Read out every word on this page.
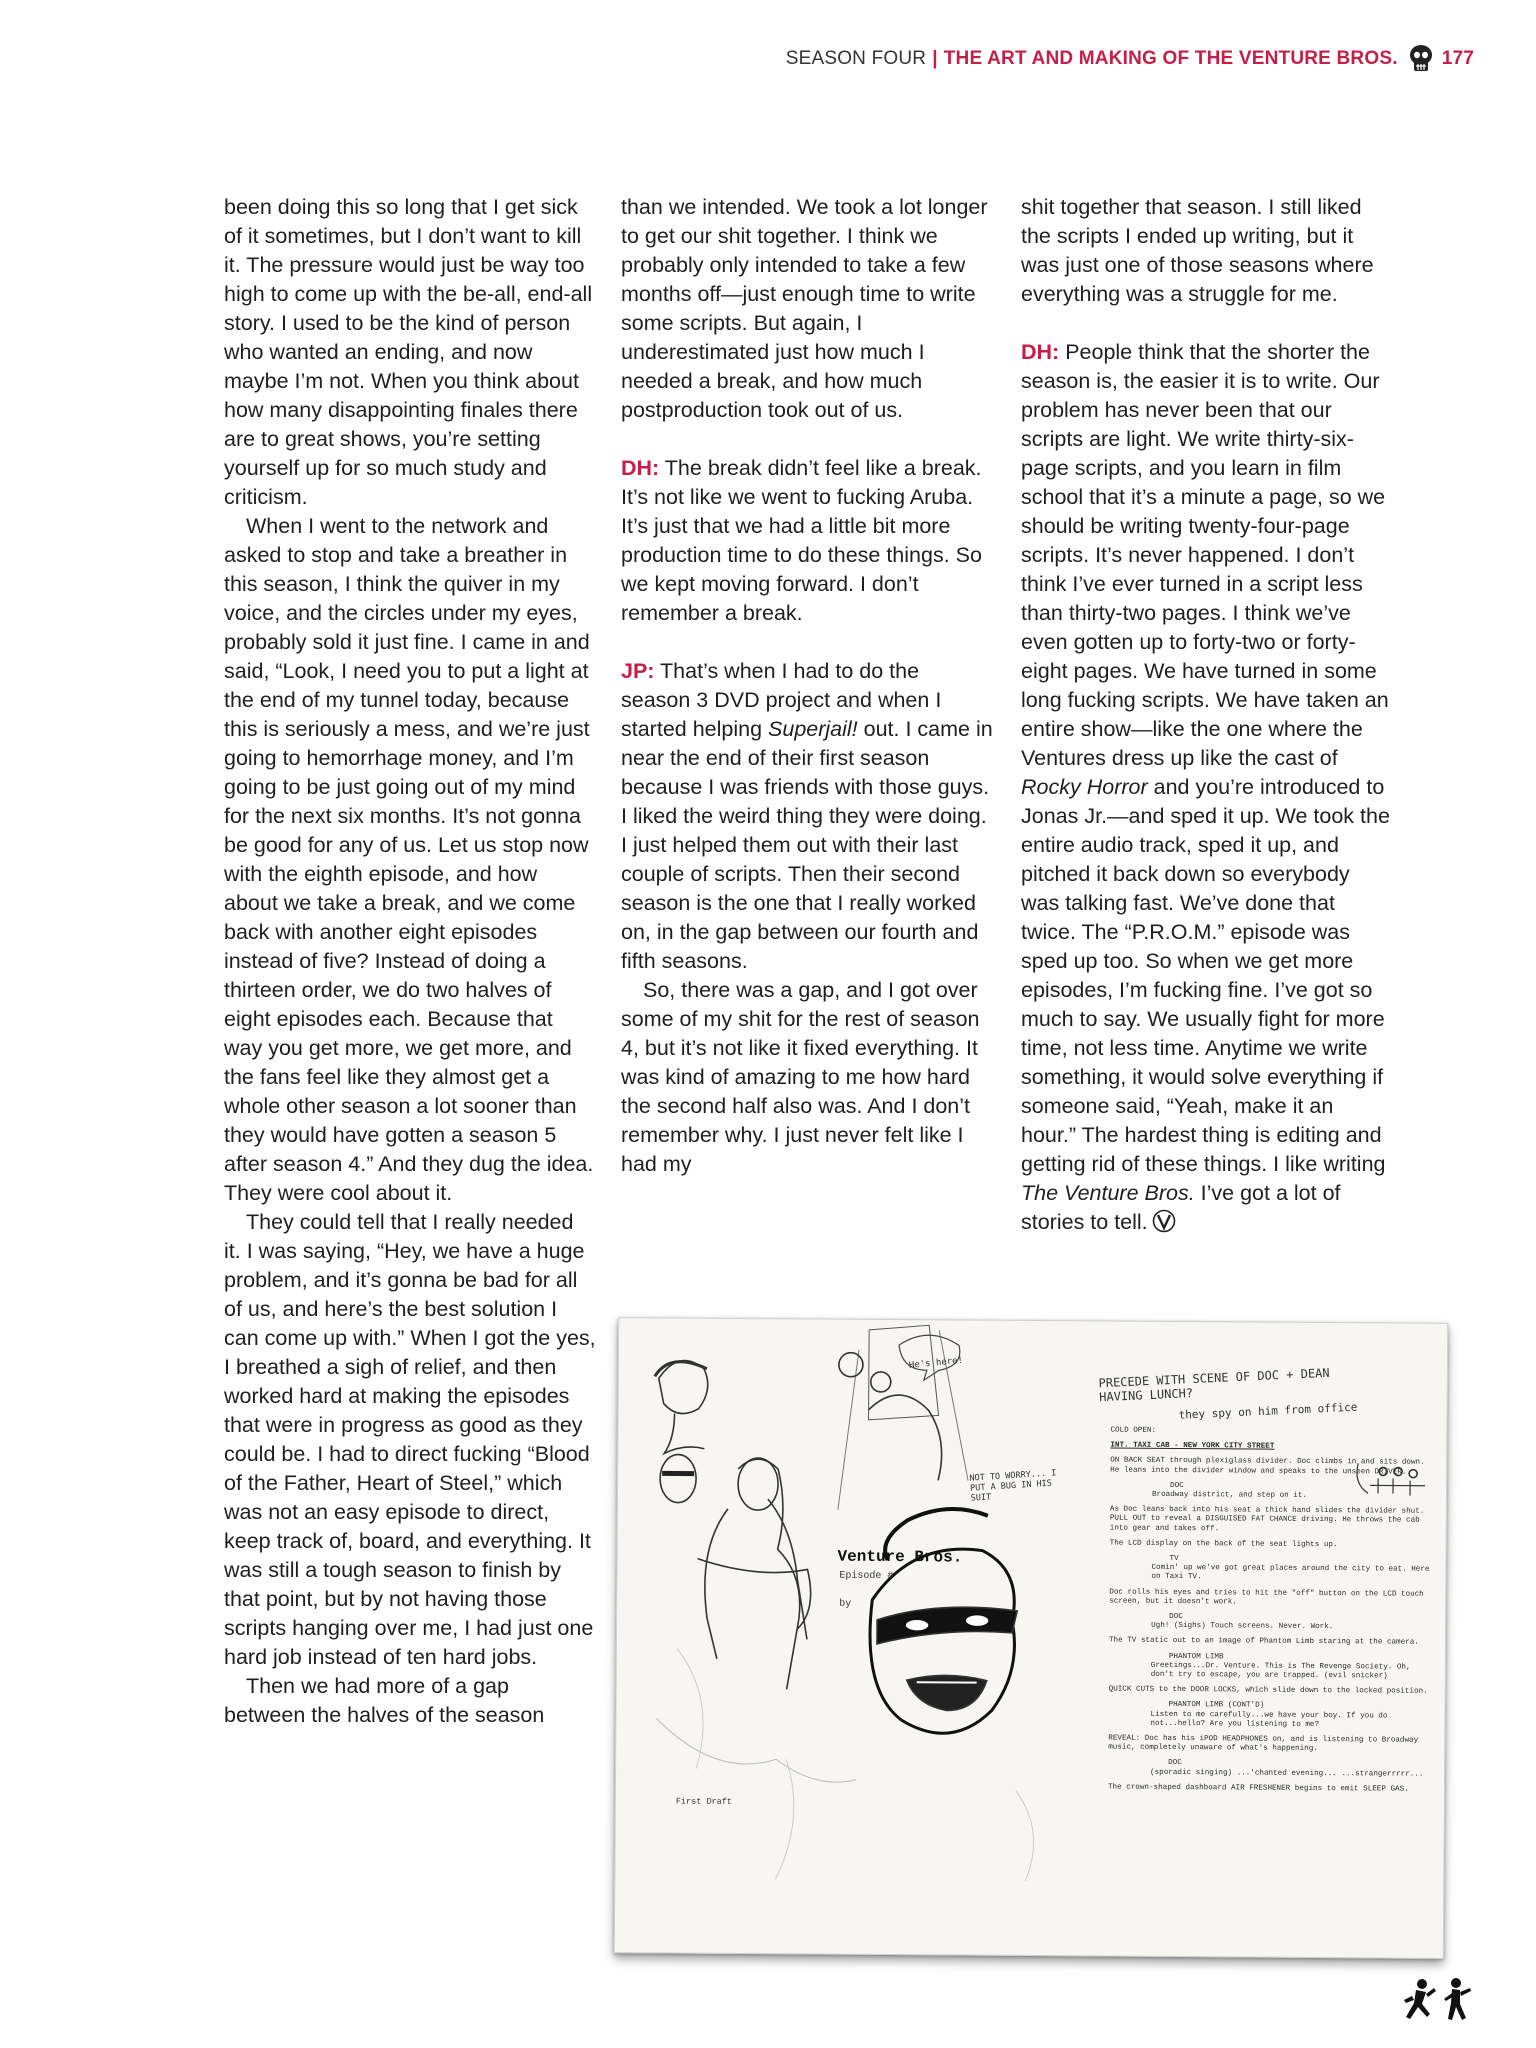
SEASON FOUR | THE ART AND MAKING OF THE VENTURE BROS. 177

been doing this so long that I get sick of it sometimes, but I don’t want to kill it. The pressure would just be way too high to come up with the be-all, end-all story. I used to be the kind of person who wanted an ending, and now maybe I’m not. When you think about how many disappointing finales there are to great shows, you’re setting yourself up for so much study and criticism.

When I went to the network and asked to stop and take a breather in this season, I think the quiver in my voice, and the circles under my eyes, probably sold it just fine. I came in and said, “Look, I need you to put a light at the end of my tunnel today, because this is seriously a mess, and we’re just going to hemorrhage money, and I’m going to be just going out of my mind for the next six months. It’s not gonna be good for any of us. Let us stop now with the eighth episode, and how about we take a break, and we come back with another eight episodes instead of five? Instead of doing a thirteen order, we do two halves of eight episodes each. Because that way you get more, we get more, and the fans feel like they almost get a whole other season a lot sooner than they would have gotten a season 5 after season 4.” And they dug the idea. They were cool about it.

They could tell that I really needed it. I was saying, “Hey, we have a huge problem, and it’s gonna be bad for all of us, and here’s the best solution I can come up with.” When I got the yes, I breathed a sigh of relief, and then worked hard at making the episodes that were in progress as good as they could be. I had to direct fucking “Blood of the Father, Heart of Steel,” which was not an easy episode to direct, keep track of, board, and everything. It was still a tough season to finish by that point, but by not having those scripts hanging over me, I had just one hard job instead of ten hard jobs.

Then we had more of a gap between the halves of the season

than we intended. We took a lot longer to get our shit together. I think we probably only intended to take a few months off—just enough time to write some scripts. But again, I underestimated just how much I needed a break, and how much postproduction took out of us.

DH: The break didn’t feel like a break. It’s not like we went to fucking Aruba. It’s just that we had a little bit more production time to do these things. So we kept moving forward. I don’t remember a break.

JP: That’s when I had to do the season 3 DVD project and when I started helping Superjail! out. I came in near the end of their first season because I was friends with those guys. I liked the weird thing they were doing. I just helped them out with their last couple of scripts. Then their second season is the one that I really worked on, in the gap between our fourth and fifth seasons.

So, there was a gap, and I got over some of my shit for the rest of season 4, but it’s not like it fixed everything. It was kind of amazing to me how hard the second half also was. And I don’t remember why. I just never felt like I had my

shit together that season. I still liked the scripts I ended up writing, but it was just one of those seasons where everything was a struggle for me.

DH: People think that the shorter the season is, the easier it is to write. Our problem has never been that our scripts are light. We write thirty-six-page scripts, and you learn in film school that it’s a minute a page, so we should be writing twenty-four-page scripts. It’s never happened. I don’t think I’ve ever turned in a script less than thirty-two pages. I think we’ve even gotten up to forty-two or forty-eight pages. We have turned in some long fucking scripts. We have taken an entire show—like the one where the Ventures dress up like the cast of Rocky Horror and you’re introduced to Jonas Jr.—and sped it up. We took the entire audio track, sped it up, and pitched it back down so everybody was talking fast. We’ve done that twice. The “P.R.O.M.” episode was sped up too. So when we get more episodes, I’m fucking fine. I’ve got so much to say. We usually fight for more time, not less time. Anytime we write something, it would solve everything if someone said, “Yeah, make it an hour.” The hardest thing is editing and getting rid of these things. I like writing The Venture Bros. I’ve got a lot of stories to tell.

PRECEDE WITH SCENE OF DOC + DEAN HAVING LUNCH?
they spy on him from office
He's here!
NOT TO WORRY... I PUT A BUG IN HIS SUIT
Venture Bros.
Episode #

by
First Draft
COLD OPEN:
INT. TAXI CAB - NEW YORK CITY STREET
ON BACK SEAT through plexiglass divider. Doc climbs in and sits down. He leans into the divider window and speaks to the unseen DRIVER.
DOC
Broadway district, and step on it.
As Doc leans back into his seat a thick hand slides the divider shut. PULL OUT to reveal a DISGUISED FAT CHANCE driving. He throws the cab into gear and takes off.
The LCD display on the back of the seat lights up.
TV
Comin' up we've got great places around the city to eat. Here on Taxi TV.
Doc rolls his eyes and tries to hit the "off" button on the LCD touch screen, but it doesn't work.
DOC
Ugh! (Sighs) Touch screens. Never. Work.
The TV static out to an image of Phantom Limb staring at the camera.
PHANTOM LIMB
Greetings...Dr. Venture. This is The Revenge Society. Oh, don't try to escape, you are trapped. (evil snicker)
QUICK CUTS to the DOOR LOCKS, which slide down to the locked position.
PHANTOM LIMB (CONT'D)
Listen to me carefully...we have your boy. If you do not...hello? Are you listening to me?
REVEAL: Doc has his iPOD HEADPHONES on, and is listening to Broadway music, completely unaware of what's happening.
DOC
(sporadic singing) ...'chanted evening... ...strangerrrrr...
The crown-shaped dashboard AIR FRESHENER begins to emit SLEEP GAS.
